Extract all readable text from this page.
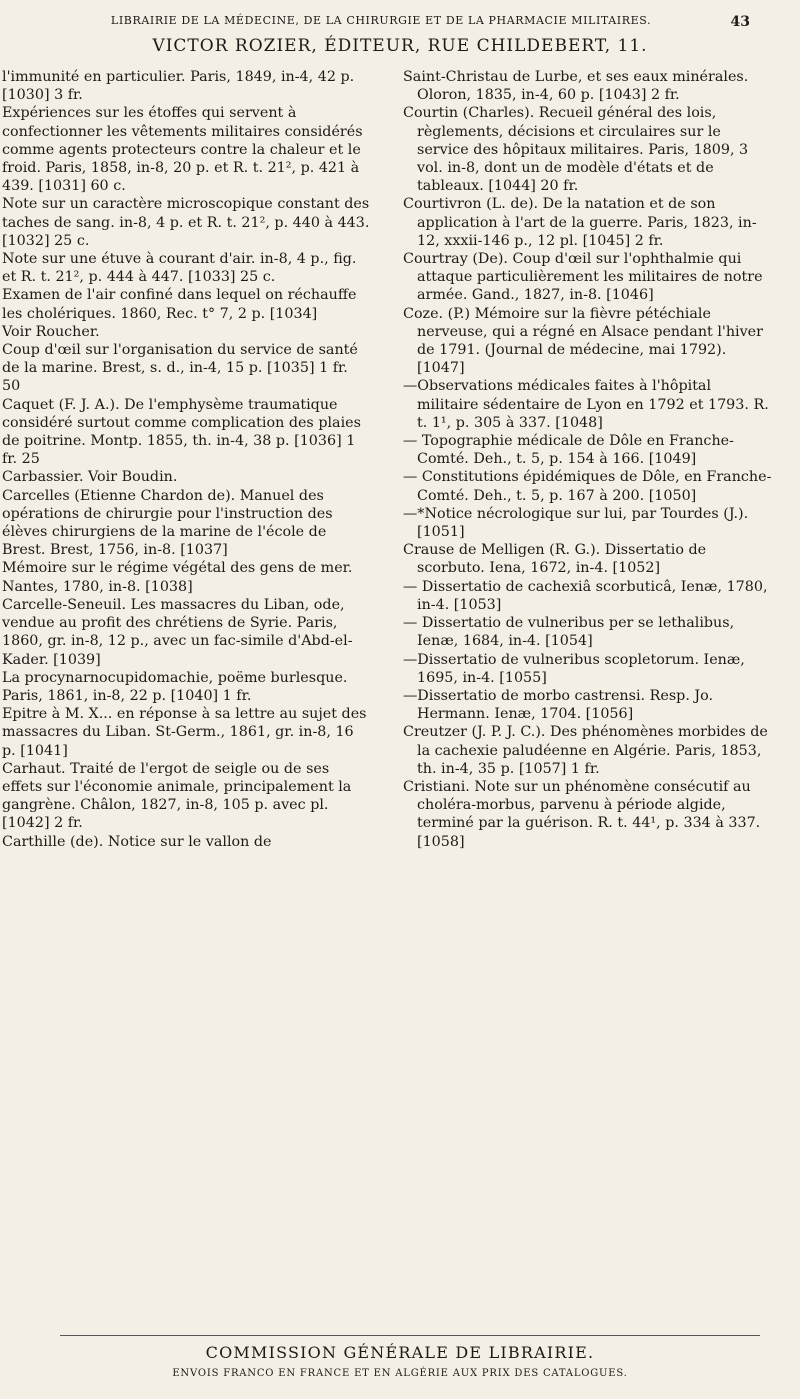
LIBRAIRIE DE LA MÉDECINE, DE LA CHIRURGIE ET DE LA PHARMACIE MILITAIRES.	43
VICTOR ROZIER, ÉDITEUR, RUE CHILDEBERT, 11.
l'immunité en particulier. Paris, 1849, in-4, 42 p. [1030] 3 fr.
Expériences sur les étoffes qui servent à confectionner les vêtements militaires considérés comme agents protecteurs contre la chaleur et le froid. Paris, 1858, in-8, 20 p. et R. t. 21², p. 421 à 439. [1031] 60 c.
Note sur un caractère microscopique constant des taches de sang. in-8, 4 p. et R. t. 21², p. 440 à 443. [1032] 25 c.
Note sur une étuve à courant d'air. in-8, 4 p., fig. et R. t. 21², p. 444 à 447. [1033] 25 c.
Examen de l'air confiné dans lequel on réchauffe les cholériques. 1860, Rec. t° 7, 2 p. [1034]
Voir Roucher.
Coup d'œil sur l'organisation du service de santé de la marine. Brest, s. d., in-4, 15 p. [1035] 1 fr. 50
Caquet (F. J. A.). De l'emphysème traumatique considéré surtout comme complication des plaies de poitrine. Montp. 1855, th. in-4, 38 p. [1036] 1 fr. 25
Carbassier. Voir Boudin.
Carcelles (Etienne Chardon de). Manuel des opérations de chirurgie pour l'instruction des élèves chirurgiens de la marine de l'école de Brest. Brest, 1756, in-8. [1037]
Mémoire sur le régime végétal des gens de mer. Nantes, 1780, in-8. [1038]
Carcelle-Seneuil. Les massacres du Liban, ode, vendue au profit des chrétiens de Syrie. Paris, 1860, gr. in-8, 12 p., avec un fac-simile d'Abd-el-Kader. [1039]
La procynarnocupidomachie, poëme burlesque. Paris, 1861, in-8, 22 p. [1040] 1 fr.
Epitre à M. X... en réponse à sa lettre au sujet des massacres du Liban. St-Germ., 1861, gr. in-8, 16 p. [1041]
Carhaut. Traité de l'ergot de seigle ou de ses effets sur l'économie animale, principalement la gangrène. Châlon, 1827, in-8, 105 p. avec pl. [1042] 2 fr.
Carthille (de). Notice sur le vallon de
Saint-Christau de Lurbe, et ses eaux minérales. Oloron, 1835, in-4, 60 p. [1043] 2 fr.
Courtin (Charles). Recueil général des lois, règlements, décisions et circulaires sur le service des hôpitaux militaires. Paris, 1809, 3 vol. in-8, dont un de modèle d'états et de tableaux. [1044] 20 fr.
Courtivron (L. de). De la natation et de son application à l'art de la guerre. Paris, 1823, in-12, xxxii-146 p., 12 pl. [1045] 2 fr.
Courtray (De). Coup d'œil sur l'ophthalmie qui attaque particulièrement les militaires de notre armée. Gand., 1827, in-8. [1046]
Coze. (P.) Mémoire sur la fièvre pétéchiale nerveuse, qui a régné en Alsace pendant l'hiver de 1791. (Journal de médecine, mai 1792). [1047]
—Observations médicales faites à l'hôpital militaire sédentaire de Lyon en 1792 et 1793. R. t. 1¹, p. 305 à 337. [1048]
— Topographie médicale de Dôle en Franche-Comté. Deh., t. 5, p. 154 à 166. [1049]
— Constitutions épidémiques de Dôle, en Franche-Comté. Deh., t. 5, p. 167 à 200. [1050]
—*Notice nécrologique sur lui, par Tourdes (J.). [1051]
Crause de Melligen (R. G.). Dissertatio de scorbuto. Iena, 1672, in-4. [1052]
— Dissertatio de cachexiâ scorbuticâ, Ienæ, 1780, in-4. [1053]
— Dissertatio de vulneribus per se lethalibus, Ienæ, 1684, in-4. [1054]
—Dissertatio de vulneribus scopletorum. Ienæ, 1695, in-4. [1055]
—Dissertatio de morbo castrensi. Resp. Jo. Hermann. Ienæ, 1704. [1056]
Creutzer (J. P. J. C.). Des phénomènes morbides de la cachexie paludéenne en Algérie. Paris, 1853, th. in-4, 35 p. [1057] 1 fr.
Cristiani. Note sur un phénomène consécutif au choléra-morbus, parvenu à période algide, terminé par la guérison. R. t. 44¹, p. 334 à 337. [1058]
COMMISSION GÉNÉRALE DE LIBRAIRIE.
ENVOIS FRANCO EN FRANCE ET EN ALGÉRIE AUX PRIX DES CATALOGUES.
